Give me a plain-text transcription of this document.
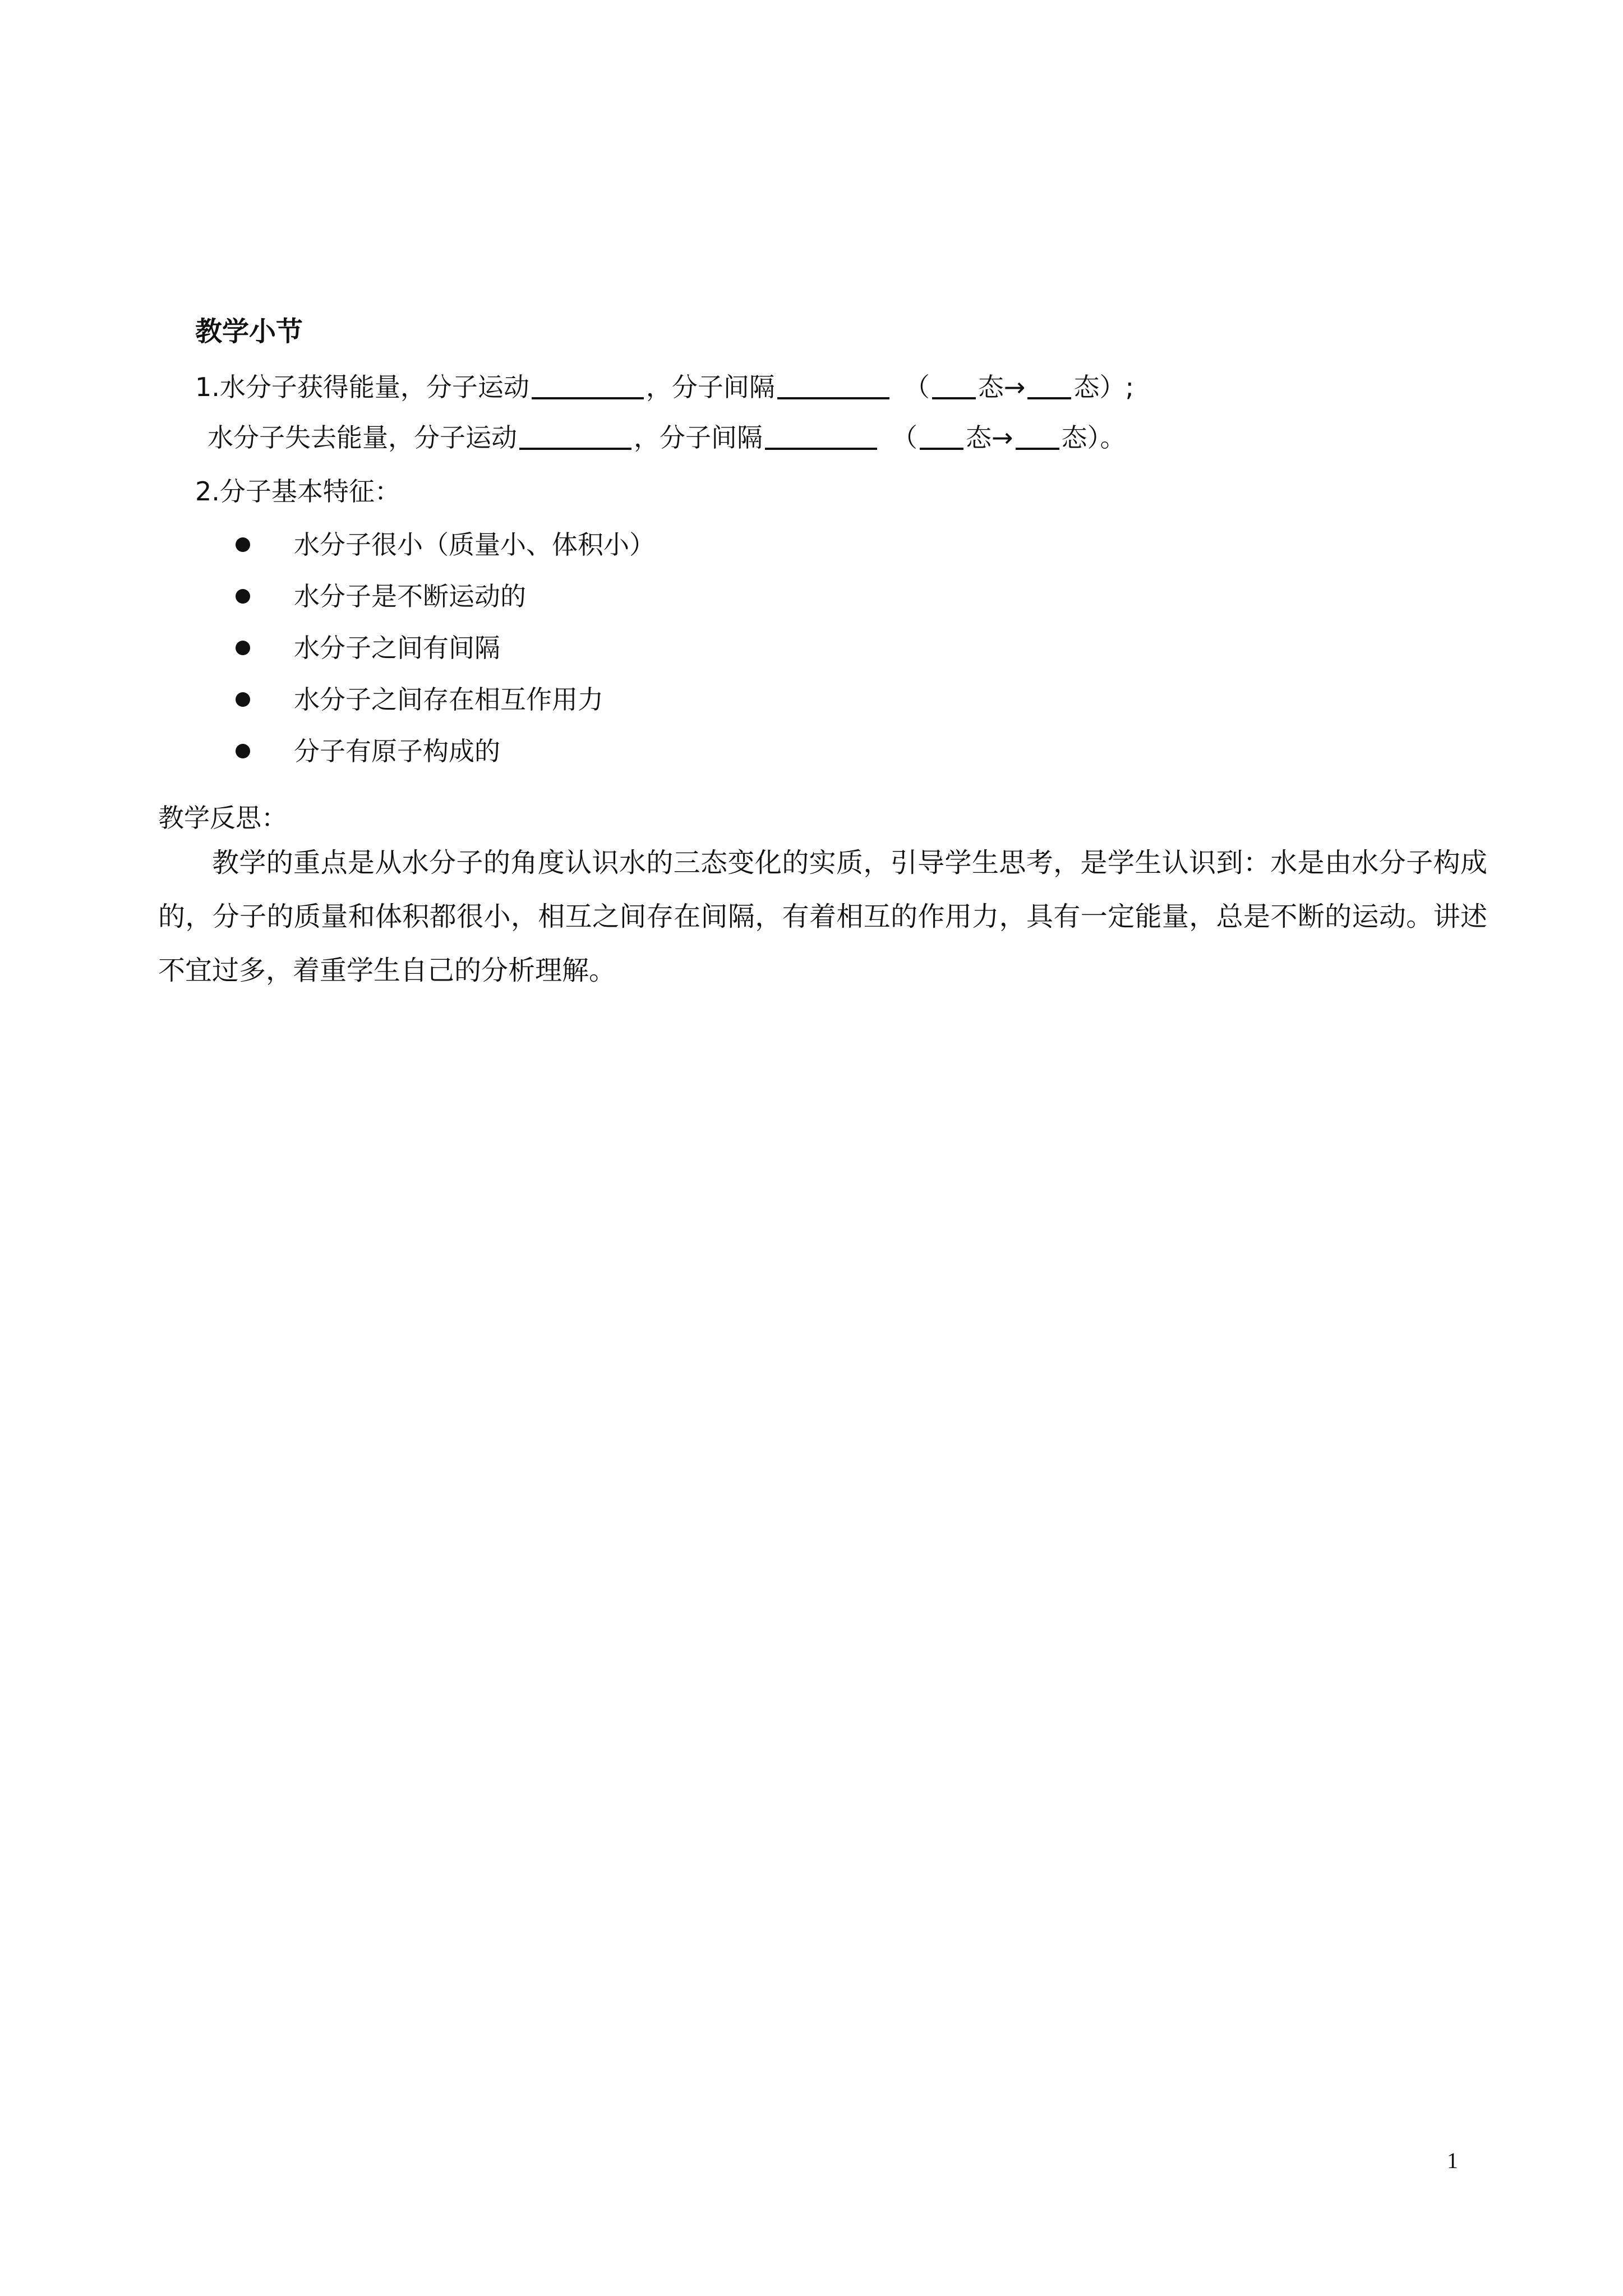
教学小节
1.水分子获得能量，分子运动	，分子间隔	（ 态→ 态）;
水分子失去能量，分子运动	，分子间隔	（ 态→ 态）。
2.分子基本特征：
水分子很小（质量小、体积小）
水分子是不断运动的
水分子之间有间隔
水分子之间存在相互作用力
分子有原子构成的
教学反思：
教学的重点是从水分子的角度认识水的三态变化的实质，引导学生思考，是学生认识到：水是由水分子构成的，分子的质量和体积都很小，相互之间存在间隔，有着相互的作用力，具有一定能量，总是不断的运动。讲述不宜过多，着重学生自己的分析理解。
1
